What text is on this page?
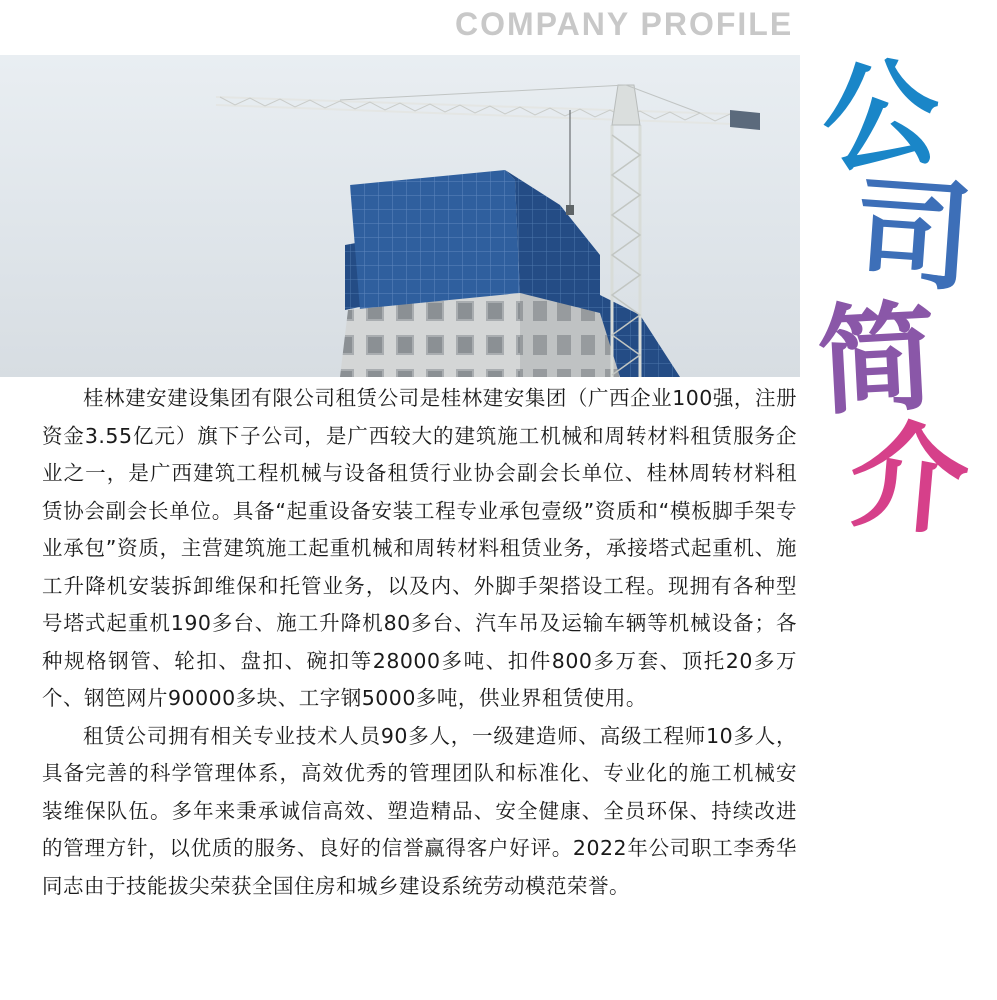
COMPANY PROFILE
公
司
简
介

桂林建安建设集团有限公司租赁公司是桂林建安集团（广西企业100强，注册资金3.55亿元）旗下子公司，是广西较大的建筑施工机械和周转材料租赁服务企业之一，是广西建筑工程机械与设备租赁行业协会副会长单位、桂林周转材料租赁协会副会长单位。具备“起重设备安装工程专业承包壹级”资质和“模板脚手架专业承包”资质，主营建筑施工起重机械和周转材料租赁业务，承接塔式起重机、施工升降机安装拆卸维保和托管业务，以及内、外脚手架搭设工程。现拥有各种型号塔式起重机190多台、施工升降机80多台、汽车吊及运输车辆等机械设备；各种规格钢管、轮扣、盘扣、碗扣等28000多吨、扣件800多万套、顶托20多万个、钢笆网片90000多块、工字钢5000多吨，供业界租赁使用。

租赁公司拥有相关专业技术人员90多人，一级建造师、高级工程师10多人，具备完善的科学管理体系，高效优秀的管理团队和标准化、专业化的施工机械安装维保队伍。多年来秉承诚信高效、塑造精品、安全健康、全员环保、持续改进的管理方针，以优质的服务、良好的信誉赢得客户好评。2022年公司职工李秀华同志由于技能拔尖荣获全国住房和城乡建设系统劳动模范荣誉。
